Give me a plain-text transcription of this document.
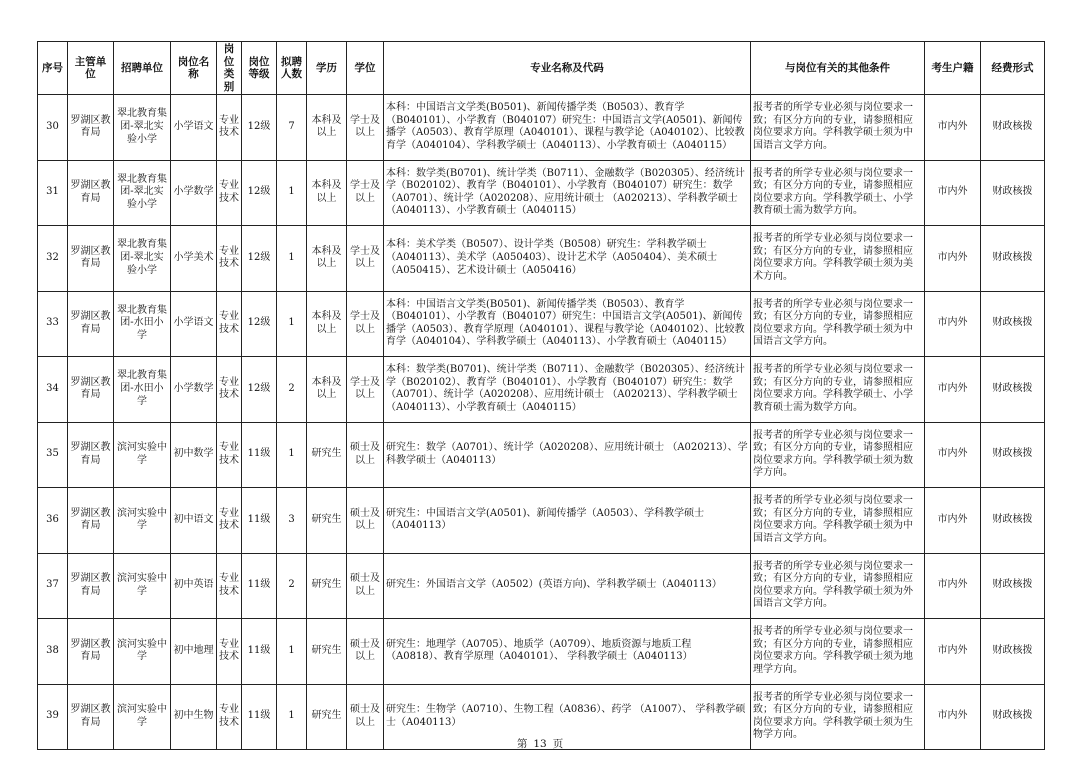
序号	主管单位	招聘单位	岗位名称	岗位类别	岗位等级	拟聘人数	学历	学位	专业名称及代码	与岗位有关的其他条件	考生户籍	经费形式
30	罗湖区教育局	翠北教育集团-翠北实验小学	小学语文	专业技术	12级	7	本科及以上	学士及以上	本科：中国语言文学类(B0501)、新闻传播学类（B0503）、教育学（B040101）、小学教育（B040107）研究生：中国语言文学(A0501)、新闻传播学（A0503）、教育学原理（A040101）、课程与教学论（A040102）、比较教育学（A040104）、学科教学硕士（A040113）、小学教育硕士（A040115）	报考者的所学专业必须与岗位要求一致；有区分方向的专业，请参照相应岗位要求方向。学科教学硕士须为中国语言文学方向。	市内外	财政核拨
31	罗湖区教育局	翠北教育集团-翠北实验小学	小学数学	专业技术	12级	1	本科及以上	学士及以上	本科：数学类(B0701)、统计学类（B0711）、金融数学（B020305）、经济统计学（B020102）、教育学（B040101）、小学教育（B040107）研究生：数学（A0701）、统计学（A020208）、应用统计硕士 （A020213）、学科教学硕士（A040113）、小学教育硕士（A040115）	报考者的所学专业必须与岗位要求一致；有区分方向的专业，请参照相应岗位要求方向。学科教学硕士、小学教育硕士需为数学方向。	市内外	财政核拨
32	罗湖区教育局	翠北教育集团-翠北实验小学	小学美术	专业技术	12级	1	本科及以上	学士及以上	本科：美术学类（B0507）、设计学类（B0508）研究生：学科教学硕士（A040113）、美术学（A050403）、设计艺术学（A050404）、美术硕士（A050415）、艺术设计硕士（A050416）	报考者的所学专业必须与岗位要求一致；有区分方向的专业，请参照相应岗位要求方向。学科教学硕士须为美术方向。	市内外	财政核拨
33	罗湖区教育局	翠北教育集团-水田小学	小学语文	专业技术	12级	1	本科及以上	学士及以上	本科：中国语言文学类(B0501)、新闻传播学类（B0503）、教育学（B040101）、小学教育（B040107）研究生：中国语言文学(A0501)、新闻传播学（A0503）、教育学原理（A040101）、课程与教学论（A040102）、比较教育学（A040104）、学科教学硕士（A040113）、小学教育硕士（A040115）	报考者的所学专业必须与岗位要求一致；有区分方向的专业，请参照相应岗位要求方向。学科教学硕士须为中国语言文学方向。	市内外	财政核拨
34	罗湖区教育局	翠北教育集团-水田小学	小学数学	专业技术	12级	2	本科及以上	学士及以上	本科：数学类(B0701)、统计学类（B0711）、金融数学（B020305）、经济统计学（B020102）、教育学（B040101）、小学教育（B040107）研究生：数学（A0701）、统计学（A020208）、应用统计硕士 （A020213）、学科教学硕士（A040113）、小学教育硕士（A040115）	报考者的所学专业必须与岗位要求一致；有区分方向的专业，请参照相应岗位要求方向。学科教学硕士、小学教育硕士需为数学方向。	市内外	财政核拨
35	罗湖区教育局	滨河实验中学	初中数学	专业技术	11级	1	研究生	硕士及以上	研究生：数学（A0701）、统计学（A020208）、应用统计硕士 （A020213）、学科教学硕士（A040113）	报考者的所学专业必须与岗位要求一致；有区分方向的专业，请参照相应岗位要求方向。学科教学硕士须为数学方向。	市内外	财政核拨
36	罗湖区教育局	滨河实验中学	初中语文	专业技术	11级	3	研究生	硕士及以上	研究生：中国语言文学(A0501)、新闻传播学（A0503）、学科教学硕士（A040113）	报考者的所学专业必须与岗位要求一致；有区分方向的专业，请参照相应岗位要求方向。学科教学硕士须为中国语言文学方向。	市内外	财政核拨
37	罗湖区教育局	滨河实验中学	初中英语	专业技术	11级	2	研究生	硕士及以上	研究生：外国语言文学（A0502）(英语方向)、学科教学硕士（A040113）	报考者的所学专业必须与岗位要求一致；有区分方向的专业，请参照相应岗位要求方向。学科教学硕士须为外国语言文学方向。	市内外	财政核拨
38	罗湖区教育局	滨河实验中学	初中地理	专业技术	11级	1	研究生	硕士及以上	研究生：地理学（A0705）、地质学（A0709）、地质资源与地质工程（A0818）、教育学原理（A040101）、 学科教学硕士（A040113）	报考者的所学专业必须与岗位要求一致；有区分方向的专业，请参照相应岗位要求方向。学科教学硕士须为地理学方向。	市内外	财政核拨
39	罗湖区教育局	滨河实验中学	初中生物	专业技术	11级	1	研究生	硕士及以上	研究生：生物学（A0710）、生物工程（A0836）、药学 （A1007）、 学科教学硕士（A040113）	报考者的所学专业必须与岗位要求一致；有区分方向的专业，请参照相应岗位要求方向。学科教学硕士须为生物学方向。	市内外	财政核拨
第 13 页
